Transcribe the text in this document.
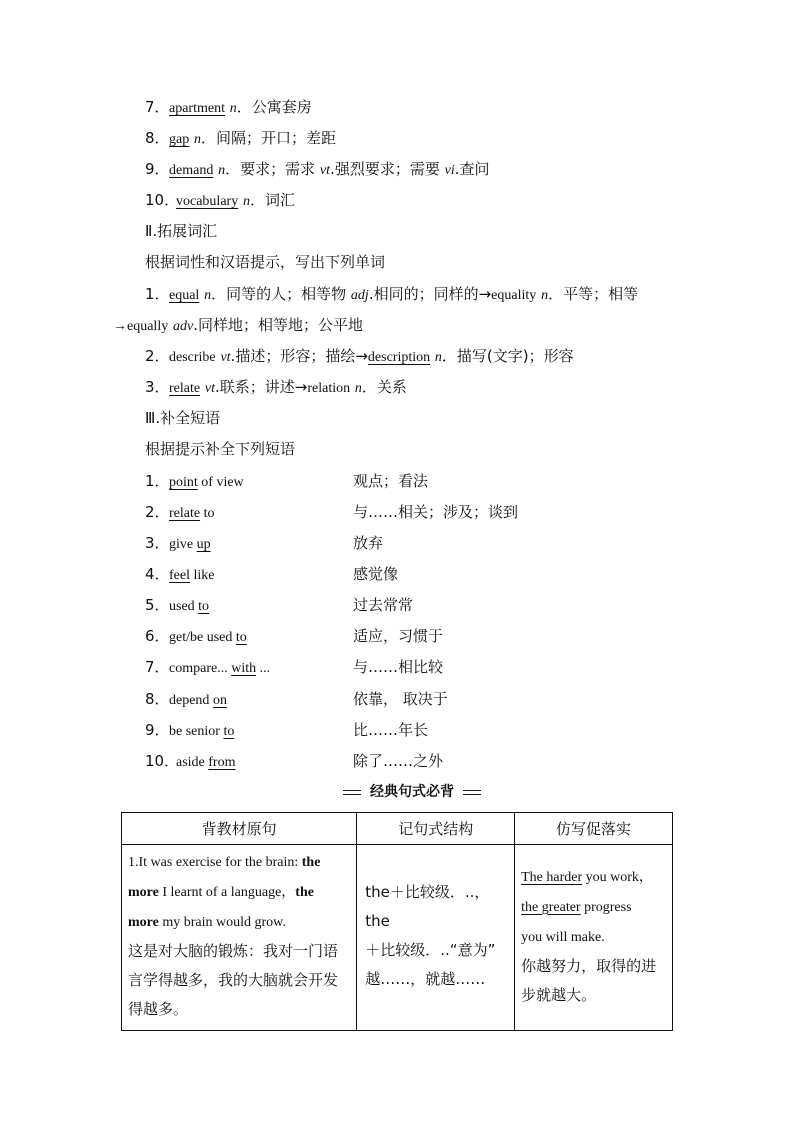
7． apartment n．公寓套房
8． gap n．间隔；开口；差距
9． demand n．要求；需求 vt.强烈要求；需要 vi.查问
10．
vocabulary n．词汇
Ⅱ.拓展词汇
根据词性和汉语提示，写出下列单词
1． equal n．同等的人；相等物 adj.相同的；同样的→equality n．平等；相等
→equally adv.同样地；相等地；公平地
2． describe vt.描述；形容；描绘→description n．描写(文字)；形容
3． relate vt.联系；讲述→relation n．关系
Ⅲ.补全短语
根据提示补全下列短语
1． point of view	观点；看法
2． relate to	与……相关；涉及；谈到
3． give up	放弃
4． feel like	感觉像
5． used to	过去常常
6． get/be used to	适应，习惯于
7． compare... with ...	与……相比较
8． depend on	依靠， 取决于
9． be senior to	比……年长
10．
aside from	除了……之外
经典句式必背
背教材原句	记句式结构	仿写促落实

1.It was exercise for the brain: the
more I learnt of a language，the
more my brain would grow.

这是对大脑的锻炼：我对一门语言学得越多，我的大脑就会开发得越多。	the＋比较级．..，the
＋比较级．..“意为”
越……，就越……	The harder you work，
the greater progress
you will make.

你越努力，取得的进步就越大。
